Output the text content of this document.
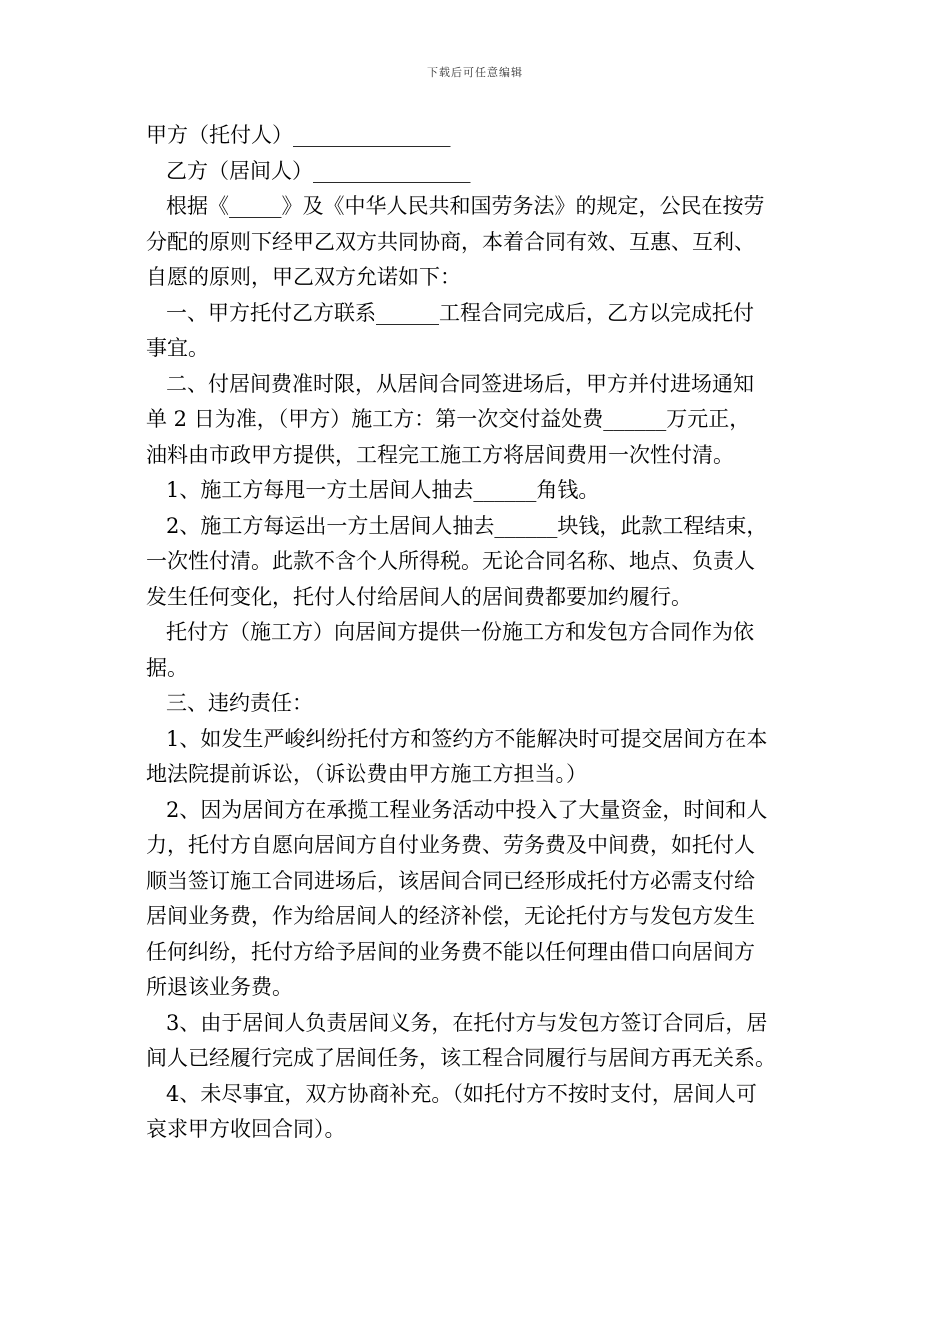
下载后可任意编辑
甲方（托付人）_______________
乙方（居间人）_______________
根据《_____》及《中华人民共和国劳务法》的规定，公民在按劳
分配的原则下经甲乙双方共同协商，本着合同有效、互惠、互利、
自愿的原则，甲乙双方允诺如下：
一、甲方托付乙方联系______工程合同完成后，乙方以完成托付
事宜。
二、付居间费准时限，从居间合同签进场后，甲方并付进场通知
单 2 日为准，（甲方）施工方：第一次交付益处费______万元正，
油料由市政甲方提供，工程完工施工方将居间费用一次性付清。
1、施工方每甩一方土居间人抽去______角钱。
2、施工方每运出一方土居间人抽去______块钱，此款工程结束，
一次性付清。此款不含个人所得税。无论合同名称、地点、负责人
发生任何变化，托付人付给居间人的居间费都要加约履行。
托付方（施工方）向居间方提供一份施工方和发包方合同作为依
据。
三、违约责任：
1、如发生严峻纠纷托付方和签约方不能解决时可提交居间方在本
地法院提前诉讼，（诉讼费由甲方施工方担当。）
2、因为居间方在承揽工程业务活动中投入了大量资金，时间和人
力，托付方自愿向居间方自付业务费、劳务费及中间费，如托付人
顺当签订施工合同进场后，该居间合同已经形成托付方必需支付给
居间业务费，作为给居间人的经济补偿，无论托付方与发包方发生
任何纠纷，托付方给予居间的业务费不能以任何理由借口向居间方
所退该业务费。
3、由于居间人负责居间义务，在托付方与发包方签订合同后，居
间人已经履行完成了居间任务，该工程合同履行与居间方再无关系。
4、未尽事宜，双方协商补充。（如托付方不按时支付，居间人可
哀求甲方收回合同）。
